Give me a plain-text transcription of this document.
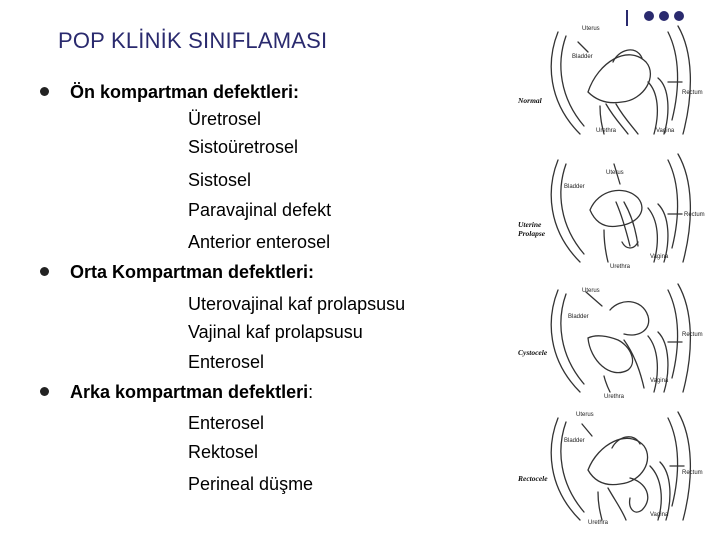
POP KLİNİK SINIFLAMASI
Ön kompartman defektleri:
Üretrosel
Sistoüretrosel
Sistosel
Paravajinal defekt
Anterior enterosel
Orta Kompartman defektleri:
Uterovajinal kaf prolapsusu
Vajinal kaf prolapsusu
Enterosel
Arka kompartman defektleri:
Enterosel
Rektosel
Perineal düşme
Uterus
Bladder
Rectum
Urethra	Vagina
Normal
Uterus
Bladder
Rectum
Urethra
Vagina
Uterine
Prolapse
Uterus
Bladder
Rectum
Urethra
Vagina
Cystocele
Uterus
Bladder
Rectum
Urethra
Vagina
Rectocele
